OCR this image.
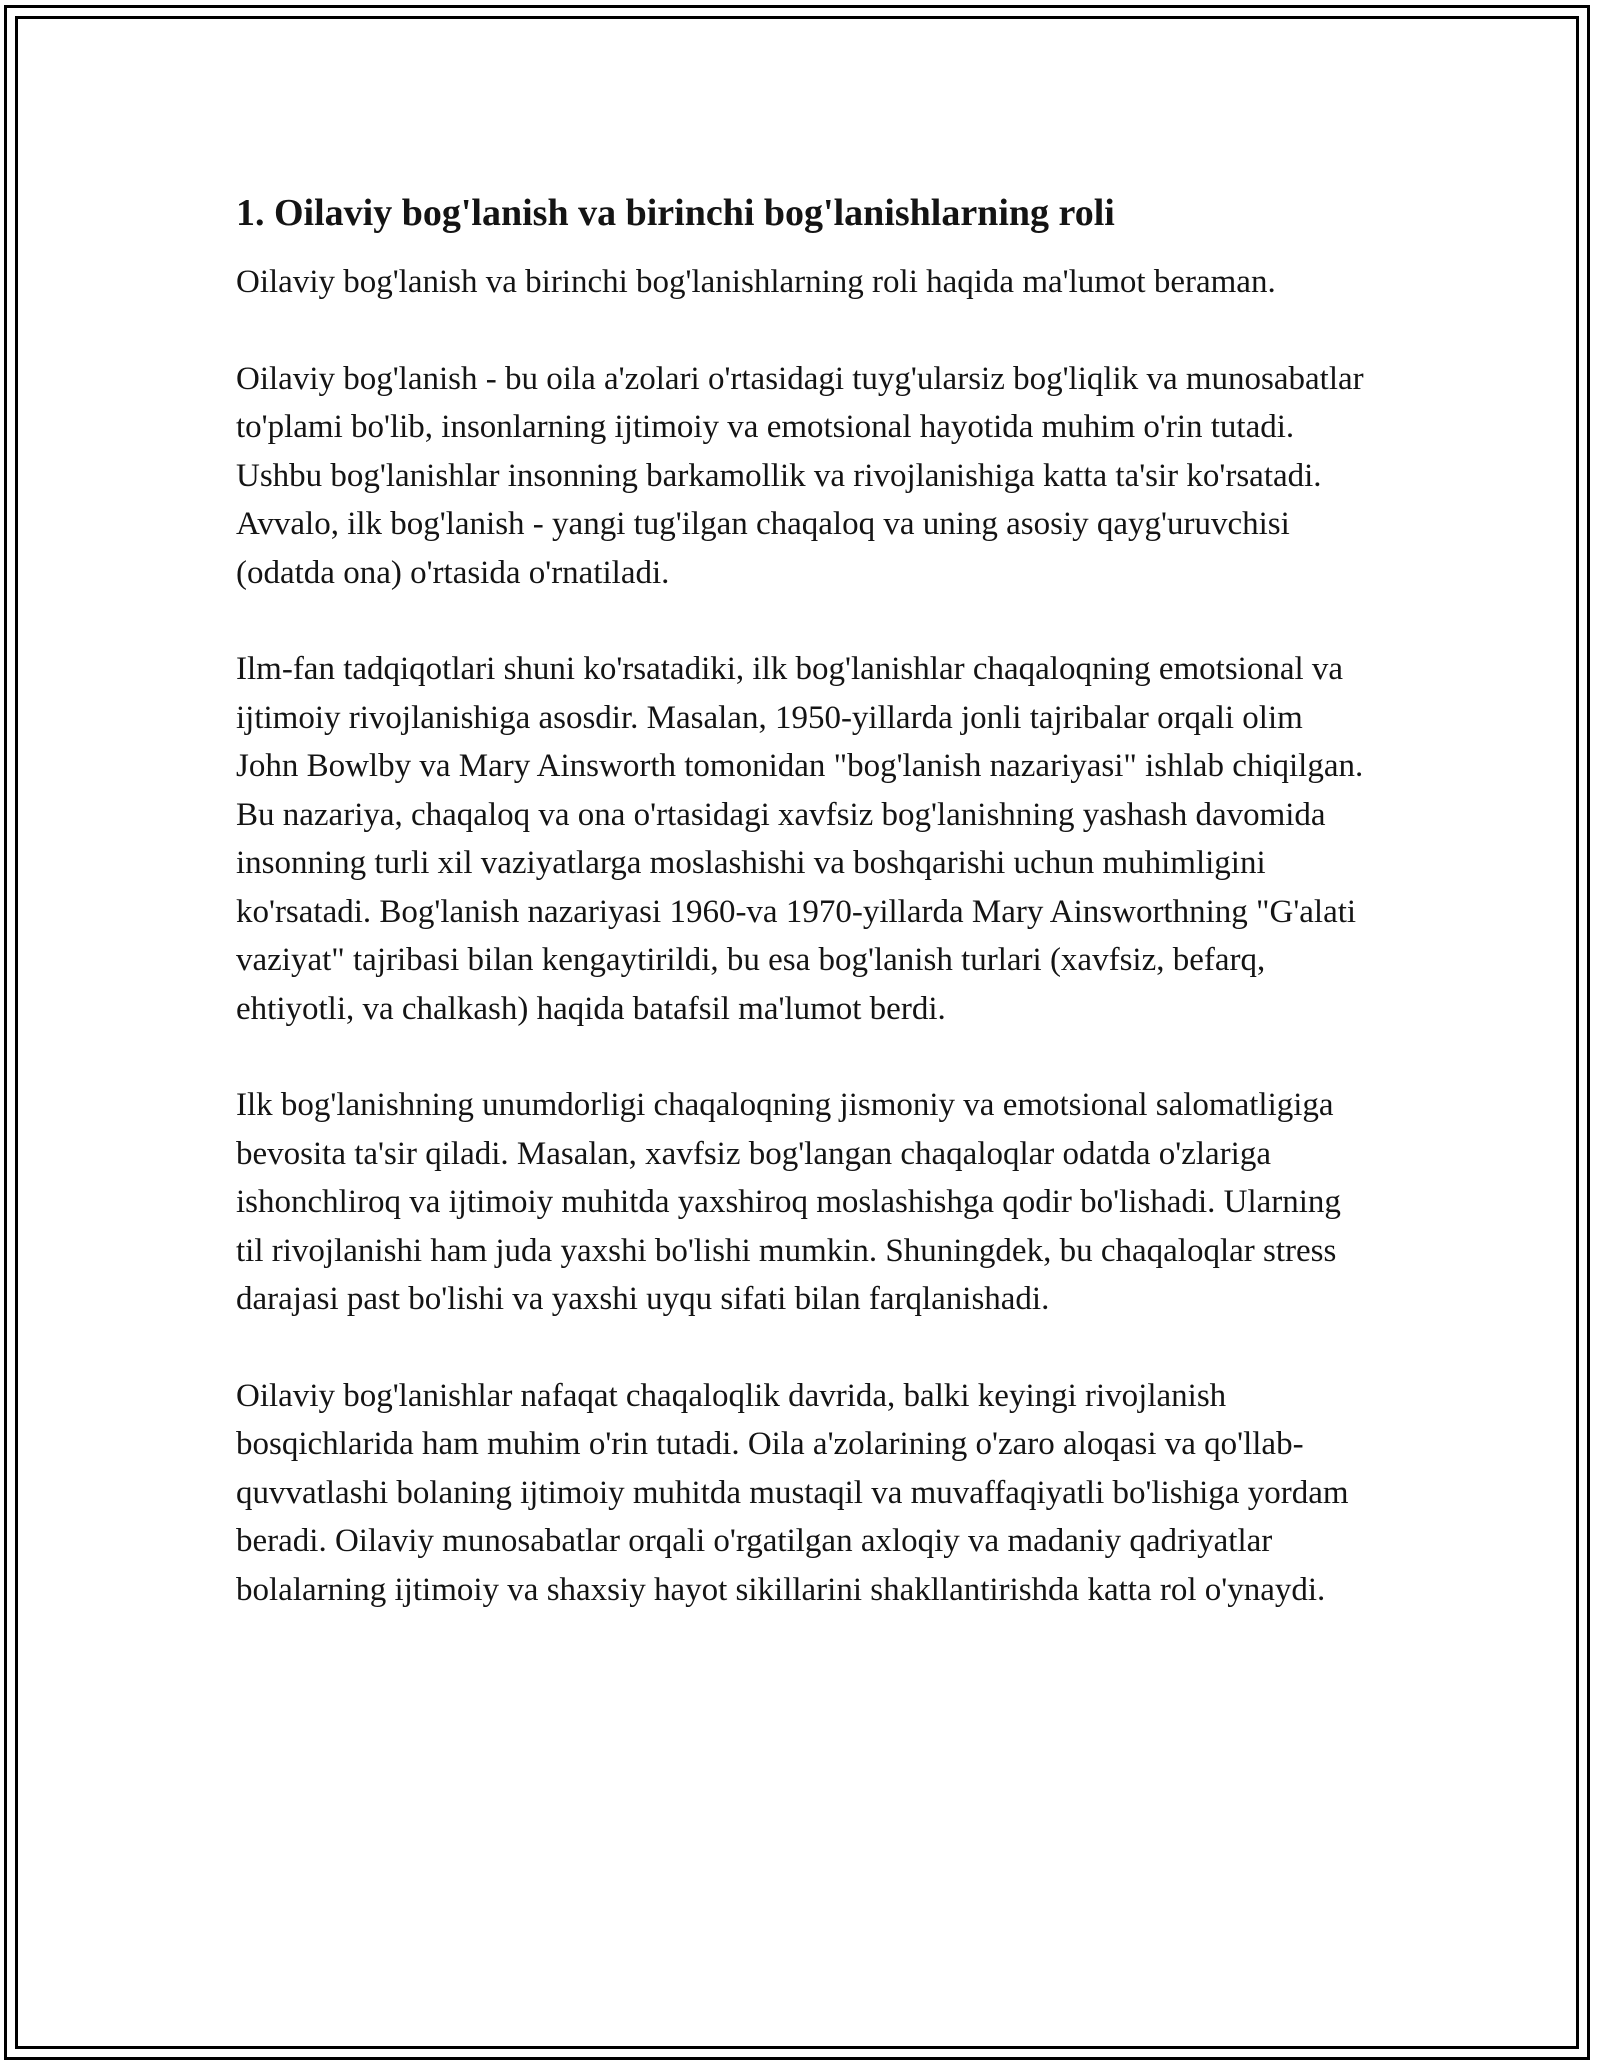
1. Oilaviy bog'lanish va birinchi bog'lanishlarning roli

Oilaviy bog'lanish va birinchi bog'lanishlarning roli haqida ma'lumot beraman.

Oilaviy bog'lanish - bu oila a'zolari o'rtasidagi tuyg'ularsiz bog'liqlik va munosabatlar to'plami bo'lib, insonlarning ijtimoiy va emotsional hayotida muhim o'rin tutadi. Ushbu bog'lanishlar insonning barkamollik va rivojlanishiga katta ta'sir ko'rsatadi. Avvalo, ilk bog'lanish - yangi tug'ilgan chaqaloq va uning asosiy qayg'uruvchisi (odatda ona) o'rtasida o'rnatiladi.

Ilm-fan tadqiqotlari shuni ko'rsatadiki, ilk bog'lanishlar chaqaloqning emotsional va ijtimoiy rivojlanishiga asosdir. Masalan, 1950-yillarda jonli tajribalar orqali olim John Bowlby va Mary Ainsworth tomonidan "bog'lanish nazariyasi" ishlab chiqilgan. Bu nazariya, chaqaloq va ona o'rtasidagi xavfsiz bog'lanishning yashash davomida insonning turli xil vaziyatlarga moslashishi va boshqarishi uchun muhimligini ko'rsatadi. Bog'lanish nazariyasi 1960-va 1970-yillarda Mary Ainsworthning "G'alati vaziyat" tajribasi bilan kengaytirildi, bu esa bog'lanish turlari (xavfsiz, befarq, ehtiyotli, va chalkash) haqida batafsil ma'lumot berdi.

Ilk bog'lanishning unumdorligi chaqaloqning jismoniy va emotsional salomatligiga bevosita ta'sir qiladi. Masalan, xavfsiz bog'langan chaqaloqlar odatda o'zlariga ishonchliroq va ijtimoiy muhitda yaxshiroq moslashishga qodir bo'lishadi. Ularning til rivojlanishi ham juda yaxshi bo'lishi mumkin. Shuningdek, bu chaqaloqlar stress darajasi past bo'lishi va yaxshi uyqu sifati bilan farqlanishadi.

Oilaviy bog'lanishlar nafaqat chaqaloqlik davrida, balki keyingi rivojlanish bosqichlarida ham muhim o'rin tutadi. Oila a'zolarining o'zaro aloqasi va qo'llab-quvvatlashi bolaning ijtimoiy muhitda mustaqil va muvaffaqiyatli bo'lishiga yordam beradi. Oilaviy munosabatlar orqali o'rgatilgan axloqiy va madaniy qadriyatlar bolalarning ijtimoiy va shaxsiy hayot sikillarini shakllantirishda katta rol o'ynaydi.
